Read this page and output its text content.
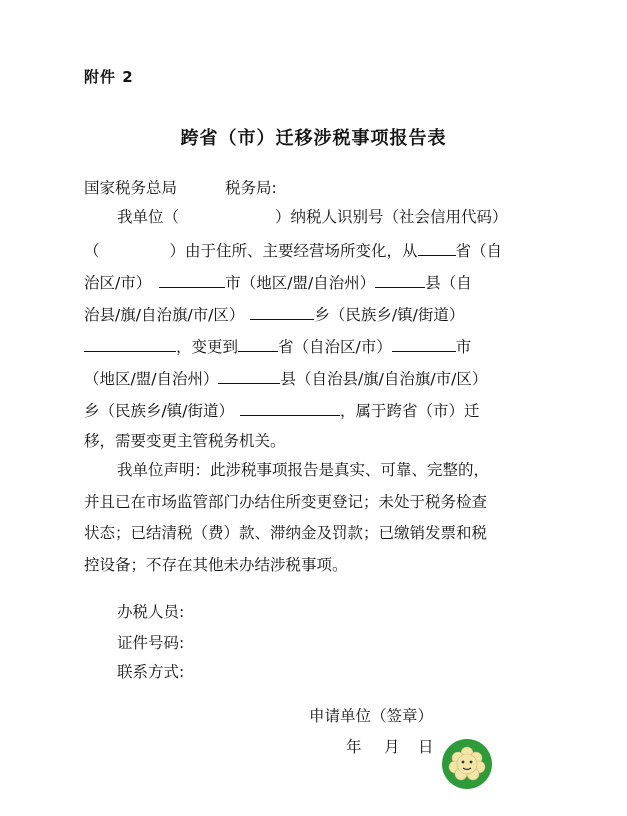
附件 2
跨省（市）迁移涉税事项报告表
国家税务总局	税务局:
我单位（	）纳税人识别号（社会信用代码）
（	）由于住所、主要经营场所变化，从 省（自
治区/市）	市（地区/盟/自治州）	县（自
治县/旗/自治旗/市/区）	乡（民族乡/镇/街道）
，变更到	省（自治区/市）	市
（地区/盟/自治州）	县（自治县/旗/自治旗/市/区）
乡（民族乡/镇/街道）	，属于跨省（市）迁
移，需要变更主管税务机关。
我单位声明：此涉税事项报告是真实、可靠、完整的，
并且已在市场监管部门办结住所变更登记；未处于税务检查
状态；已结清税（费）款、滞纳金及罚款；已缴销发票和税
控设备；不存在其他未办结涉税事项。
办税人员:
证件号码:
联系方式:
申请单位（签章）
年 月 日
